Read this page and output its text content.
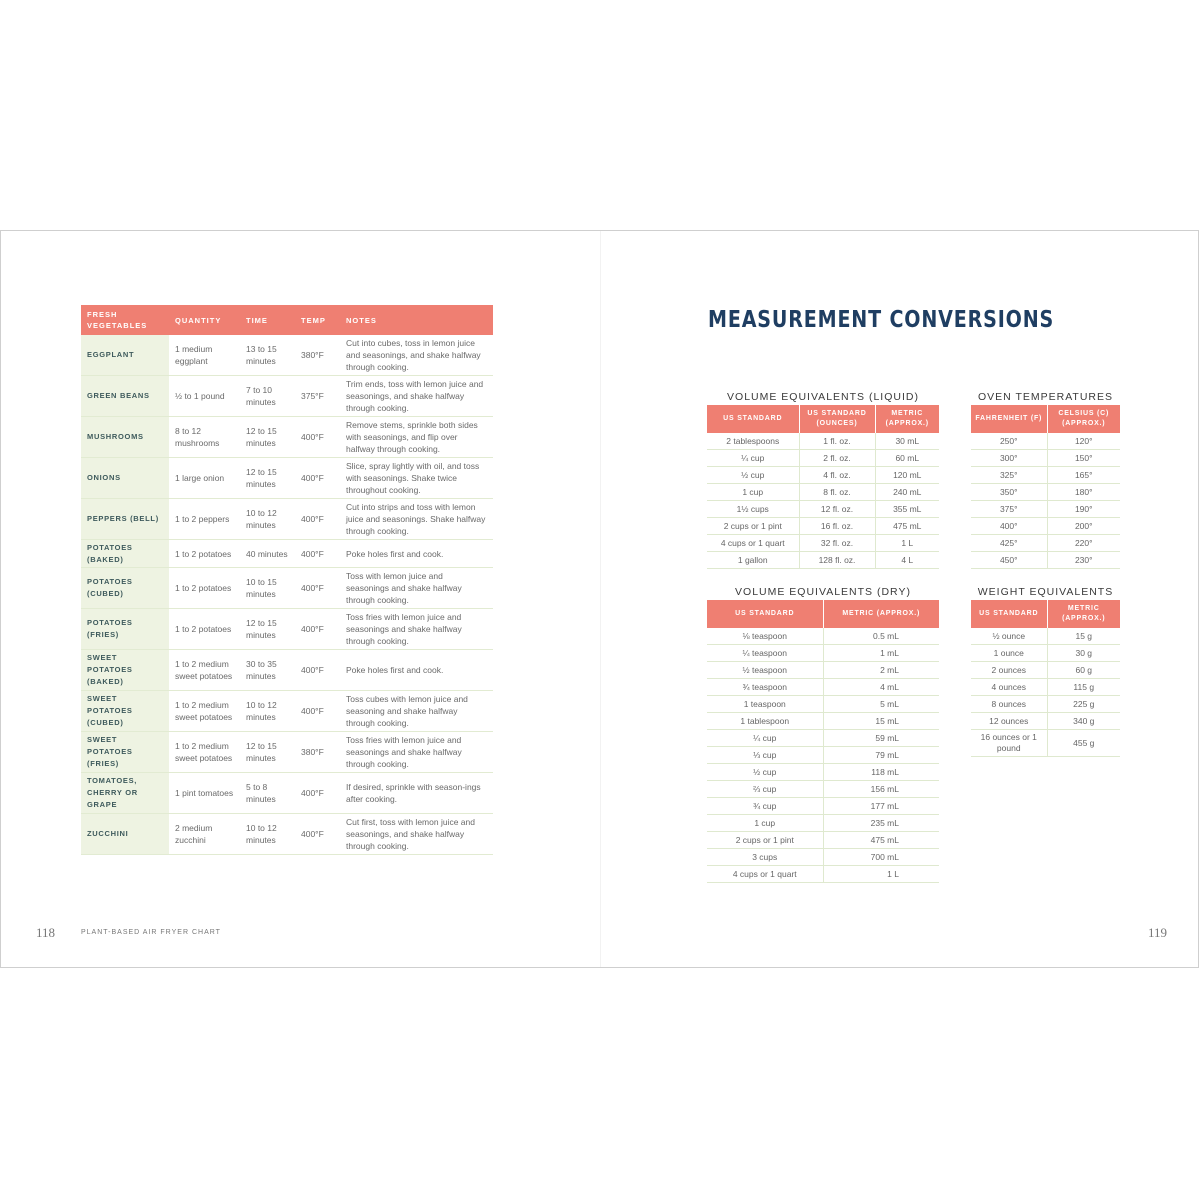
FRESH VEGETABLES	QUANTITY	TIME	TEMP	NOTES
EGGPLANT	1 medium eggplant	13 to 15 minutes	380°F	Cut into cubes, toss in lemon juice and seasonings, and shake halfway through cooking.
GREEN BEANS	½ to 1 pound	7 to 10 minutes	375°F	Trim ends, toss with lemon juice and seasonings, and shake halfway through cooking.
MUSHROOMS	8 to 12 mushrooms	12 to 15 minutes	400°F	Remove stems, sprinkle both sides with seasonings, and flip over halfway through cooking.
ONIONS	1 large onion	12 to 15 minutes	400°F	Slice, spray lightly with oil, and toss with seasonings. Shake twice throughout cooking.
PEPPERS (BELL)	1 to 2 peppers	10 to 12 minutes	400°F	Cut into strips and toss with lemon juice and seasonings. Shake halfway through cooking.
POTATOES (BAKED)	1 to 2 potatoes	40 minutes	400°F	Poke holes first and cook.
POTATOES (CUBED)	1 to 2 potatoes	10 to 15 minutes	400°F	Toss with lemon juice and seasonings and shake halfway through cooking.
POTATOES (FRIES)	1 to 2 potatoes	12 to 15 minutes	400°F	Toss fries with lemon juice and seasonings and shake halfway through cooking.
SWEET POTATOES (BAKED)	1 to 2 medium sweet potatoes	30 to 35 minutes	400°F	Poke holes first and cook.
SWEET POTATOES (CUBED)	1 to 2 medium sweet potatoes	10 to 12 minutes	400°F	Toss cubes with lemon juice and seasoning and shake halfway through cooking.
SWEET POTATOES (FRIES)	1 to 2 medium sweet potatoes	12 to 15 minutes	380°F	Toss fries with lemon juice and seasonings and shake halfway through cooking.
TOMATOES, CHERRY OR GRAPE	1 pint tomatoes	5 to 8 minutes	400°F	If desired, sprinkle with season-ings after cooking.
ZUCCHINI	2 medium zucchini	10 to 12 minutes	400°F	Cut first, toss with lemon juice and seasonings, and shake halfway through cooking.
MEASUREMENT CONVERSIONS
VOLUME EQUIVALENTS (LIQUID)
US STANDARD	US STANDARD (OUNCES)	METRIC (APPROX.)
2 tablespoons	1 fl. oz.	30 mL
¼ cup	2 fl. oz.	60 mL
½ cup	4 fl. oz.	120 mL
1 cup	8 fl. oz.	240 mL
1½ cups	12 fl. oz.	355 mL
2 cups or 1 pint	16 fl. oz.	475 mL
4 cups or 1 quart	32 fl. oz.	1 L
1 gallon	128 fl. oz.	4 L
OVEN TEMPERATURES
FAHRENHEIT (F)	CELSIUS (C) (APPROX.)
250°	120°
300°	150°
325°	165°
350°	180°
375°	190°
400°	200°
425°	220°
450°	230°
VOLUME EQUIVALENTS (DRY)
US STANDARD	METRIC (APPROX.)
⅛ teaspoon	0.5 mL
¼ teaspoon	1 mL
½ teaspoon	2 mL
¾ teaspoon	4 mL
1 teaspoon	5 mL
1 tablespoon	15 mL
¼ cup	59 mL
⅓ cup	79 mL
½ cup	118 mL
⅔ cup	156 mL
¾ cup	177 mL
1 cup	235 mL
2 cups or 1 pint	475 mL
3 cups	700 mL
4 cups or 1 quart	1 L
WEIGHT EQUIVALENTS
US STANDARD	METRIC (APPROX.)
½ ounce	15 g
1 ounce	30 g
2 ounces	60 g
4 ounces	115 g
8 ounces	225 g
12 ounces	340 g
16 ounces or 1 pound	455 g
118	PLANT-BASED AIR FRYER CHART	119
